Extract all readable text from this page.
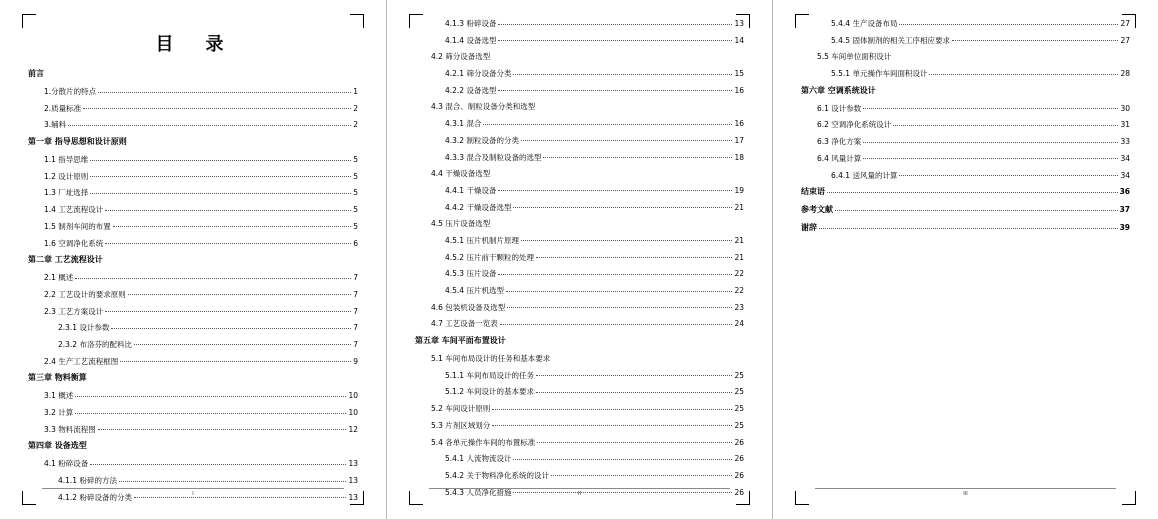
目　录
前言
1.分散片的特点	1
2.质量标准	2
3.辅料	2
第一章 指导思想和设计原则
1.1 指导思维	5
1.2 设计原则	5
1.3 厂址选择	5
1.4 工艺流程设计	5
1.5 制剂车间的布置	5
1.6 空调净化系统	6
第二章 工艺流程设计
2.1 概述	7
2.2 工艺设计的要求原则	7
2.3 工艺方案设计	7
2.3.1 设计参数	7
2.3.2 布洛芬的配料比	7
2.4 生产工艺流程框图	9
第三章 物料衡算
3.1 概述	10
3.2 计算	10
3.3 物料流程图	12
第四章 设备选型
4.1 粉碎设备	13
4.1.1 粉碎的方法	13
4.1.2 粉碎设备的分类	13
I
4.1.3 粉碎设备	13
4.1.4 设备选型	14
4.2 筛分设备选型
4.2.1 筛分设备分类	15
4.2.2 设备选型	16
4.3 混合、制粒设备分类和选型
4.3.1 混合	16
4.3.2 制粒设备的分类	17
4.3.3 混合及制粒设备的选型	18
4.4 干燥设备选型
4.4.1 干燥设备	19
4.4.2 干燥设备选型	21
4.5 压片设备选型
4.5.1 压片机制片原理	21
4.5.2 压片前干颗粒的处理	21
4.5.3 压片设备	22
4.5.4 压片机选型	22
4.6 包装机设备及选型	23
4.7 工艺设备一览表	24
第五章 车间平面布置设计
5.1 车间布局设计的任务和基本要求
5.1.1 车间布局设计的任务	25
5.1.2 车间设计的基本要求	25
5.2 车间设计原则	25
5.3 片剂区域划分	25
5.4 各单元操作车间的布置标准	26
5.4.1 人流物流设计	26
5.4.2 关于物料净化系统的设计	26
5.4.3 人员净化措施	26
II
5.4.4 生产设备布局	27
5.4.5 固体制剂的相关工序相应要求	27
5.5 车间单位面积设计
5.5.1 单元操作车间面积设计	28
第六章 空调系统设计
6.1 设计参数	30
6.2 空调净化系统设计	31
6.3 净化方案	33
6.4 风量计算	34
6.4.1 送风量的计算	34
结束语	36
参考文献	37
谢辞	39
III
